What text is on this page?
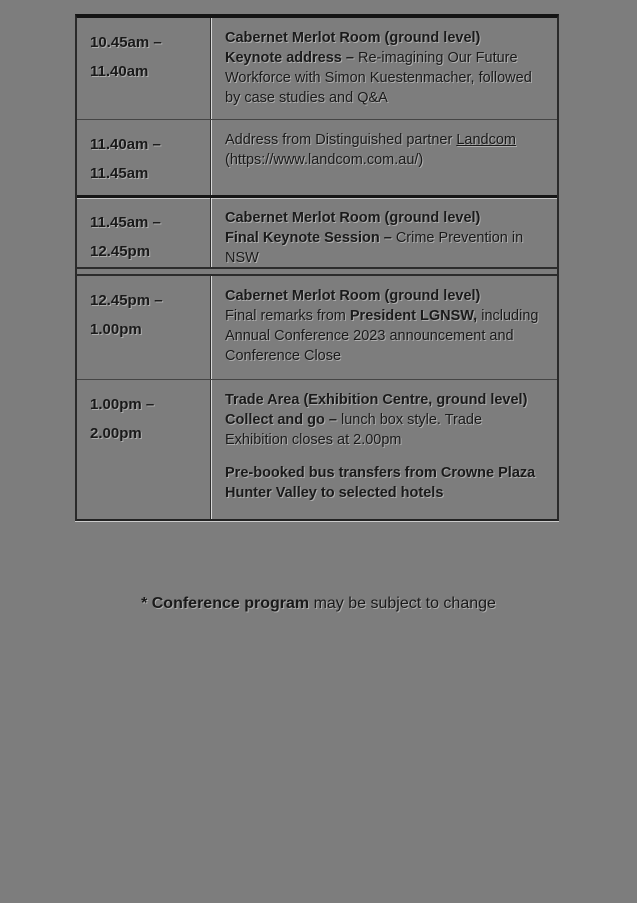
10.45am –
11.40am

Cabernet Merlot Room (ground level)

Keynote address – Re-imagining Our Future Workforce with Simon Kuestenmacher, followed by case studies and Q&A

11.40am –
11.45am

Address from Distinguished partner Landcom (https://www.landcom.com.au/)

11.45am –
12.45pm

Cabernet Merlot Room (ground level)

Final Keynote Session – Crime Prevention in NSW

12.45pm –
1.00pm

Cabernet Merlot Room (ground level)

Final remarks from President LGNSW, including Annual Conference 2023 announcement and Conference Close

1.00pm –
2.00pm

Trade Area (Exhibition Centre, ground level)

Collect and go – lunch box style. Trade Exhibition closes at 2.00pm

Pre-booked bus transfers from Crowne Plaza Hunter Valley to selected hotels

* Conference program may be subject to change
